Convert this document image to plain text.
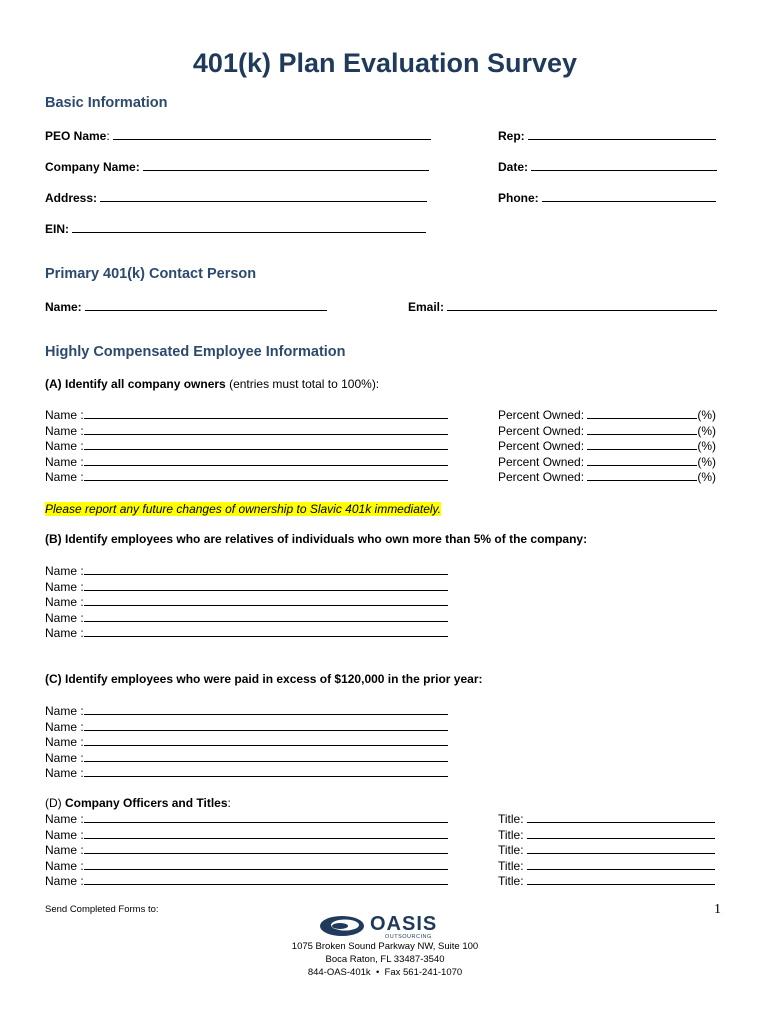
401(k) Plan Evaluation Survey
Basic Information
PEO Name:	Rep:
Company Name:	Date:
Address:	Phone:
EIN:
Primary 401(k) Contact Person
Name:	Email:
Highly Compensated Employee Information
(A) Identify all company owners (entries must total to 100%):
Name :	Percent Owned:	(%)
Name :	Percent Owned:	(%)
Name :	Percent Owned:	(%)
Name :	Percent Owned:	(%)
Name :	Percent Owned:	(%)
Please report any future changes of ownership to Slavic 401k immediately.
(B) Identify employees who are relatives of individuals who own more than 5% of the company:
Name :
Name :
Name :
Name :
Name :
(C) Identify employees who were paid in excess of $120,000 in the prior year:
Name :
Name :
Name :
Name :
Name :
(D) Company Officers and Titles:
Name :	Title:
Name :	Title:
Name :	Title:
Name :	Title:
Name :	Title:
Send Completed Forms to:	1
OASIS
OUTSOURCING
1075 Broken Sound Parkway NW, Suite 100
Boca Raton, FL 33487-3540
844-OAS-401k • Fax 561-241-1070
